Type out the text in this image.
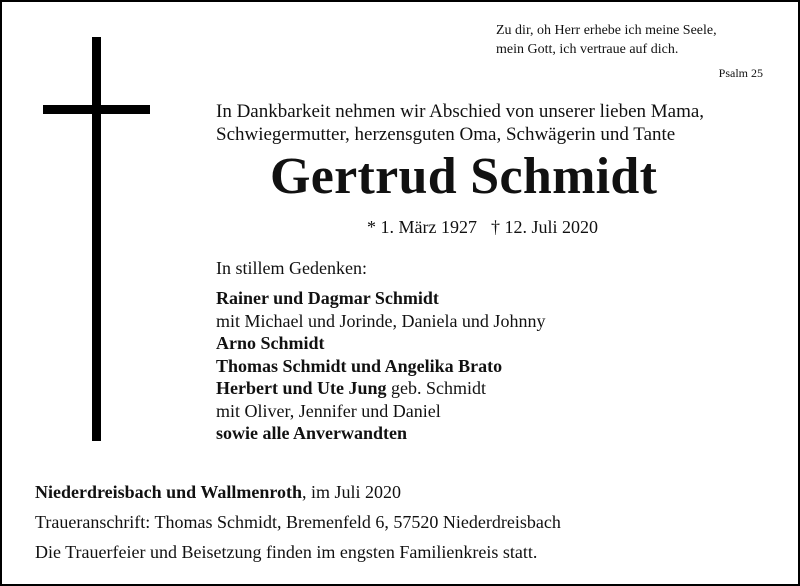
Zu dir, oh Herr erhebe ich meine Seele,
mein Gott, ich vertraue auf dich.
Psalm 25
In Dankbarkeit nehmen wir Abschied von unserer lieben Mama,
Schwiegermutter, herzensguten Oma, Schwägerin und Tante
Gertrud Schmidt
* 1. März 1927 † 12. Juli 2020
In stillem Gedenken:
Rainer und Dagmar Schmidt
mit Michael und Jorinde, Daniela und Johnny
Arno Schmidt
Thomas Schmidt und Angelika Brato
Herbert und Ute Jung geb. Schmidt
mit Oliver, Jennifer und Daniel
sowie alle Anverwandten
Niederdreisbach und Wallmenroth, im Juli 2020
Traueranschrift: Thomas Schmidt, Bremenfeld 6, 57520 Niederdreisbach
Die Trauerfeier und Beisetzung finden im engsten Familienkreis statt.
